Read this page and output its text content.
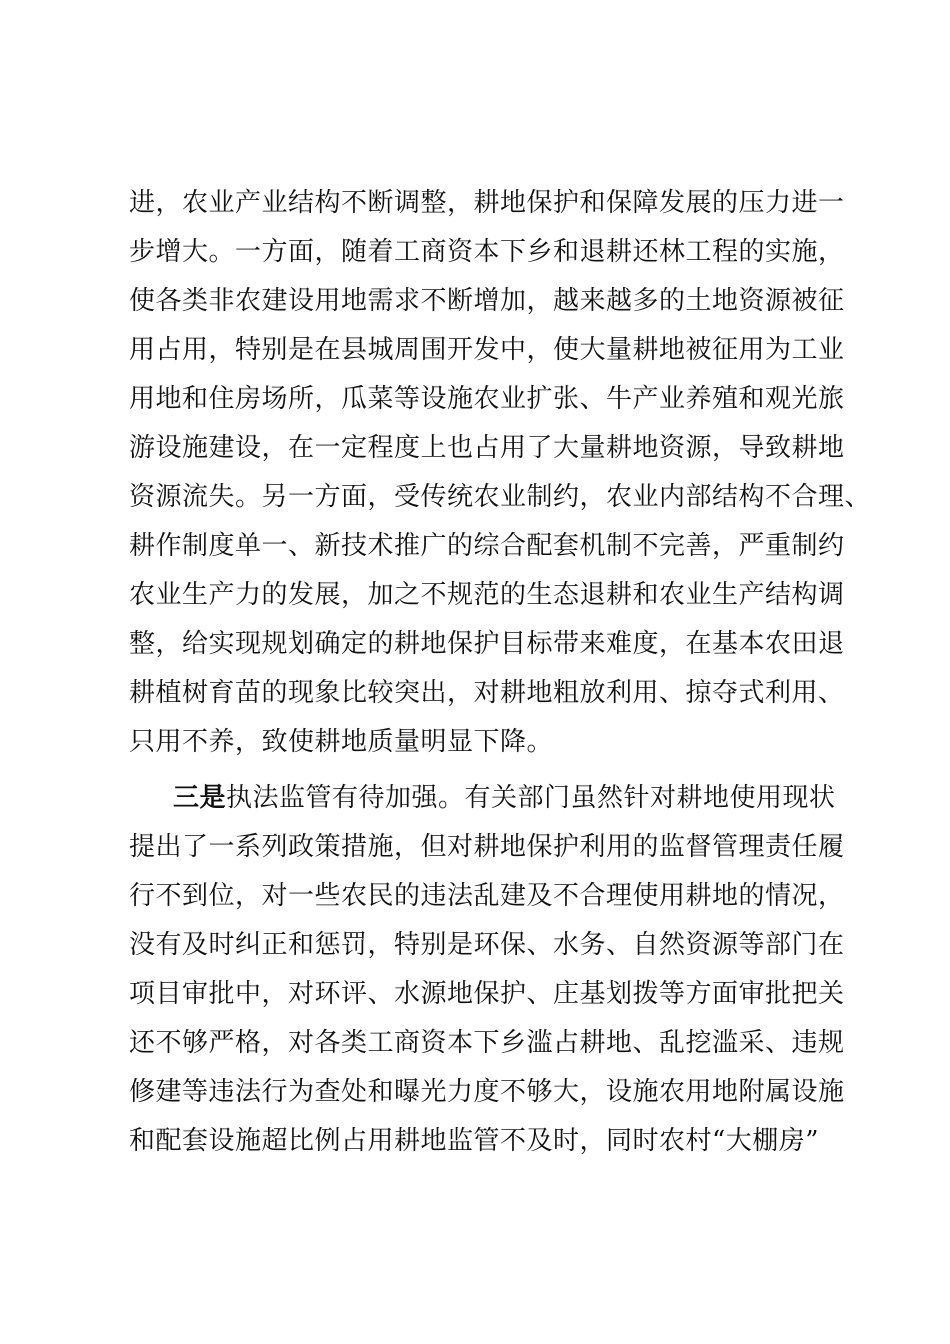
进，农业产业结构不断调整，耕地保护和保障发展的压力进一
步增大。一方面，随着工商资本下乡和退耕还林工程的实施，
使各类非农建设用地需求不断增加，越来越多的土地资源被征
用占用，特别是在县城周围开发中，使大量耕地被征用为工业
用地和住房场所，瓜菜等设施农业扩张、牛产业养殖和观光旅
游设施建设，在一定程度上也占用了大量耕地资源，导致耕地
资源流失。另一方面，受传统农业制约，农业内部结构不合理、
耕作制度单一、新技术推广的综合配套机制不完善，严重制约
农业生产力的发展，加之不规范的生态退耕和农业生产结构调
整，给实现规划确定的耕地保护目标带来难度，在基本农田退
耕植树育苗的现象比较突出，对耕地粗放利用、掠夺式利用、
只用不养，致使耕地质量明显下降。
三是执法监管有待加强。有关部门虽然针对耕地使用现状
提出了一系列政策措施，但对耕地保护利用的监督管理责任履
行不到位，对一些农民的违法乱建及不合理使用耕地的情况，
没有及时纠正和惩罚，特别是环保、水务、自然资源等部门在
项目审批中，对环评、水源地保护、庄基划拨等方面审批把关
还不够严格，对各类工商资本下乡滥占耕地、乱挖滥采、违规
修建等违法行为查处和曝光力度不够大，设施农用地附属设施
和配套设施超比例占用耕地监管不及时，同时农村“大棚房”
